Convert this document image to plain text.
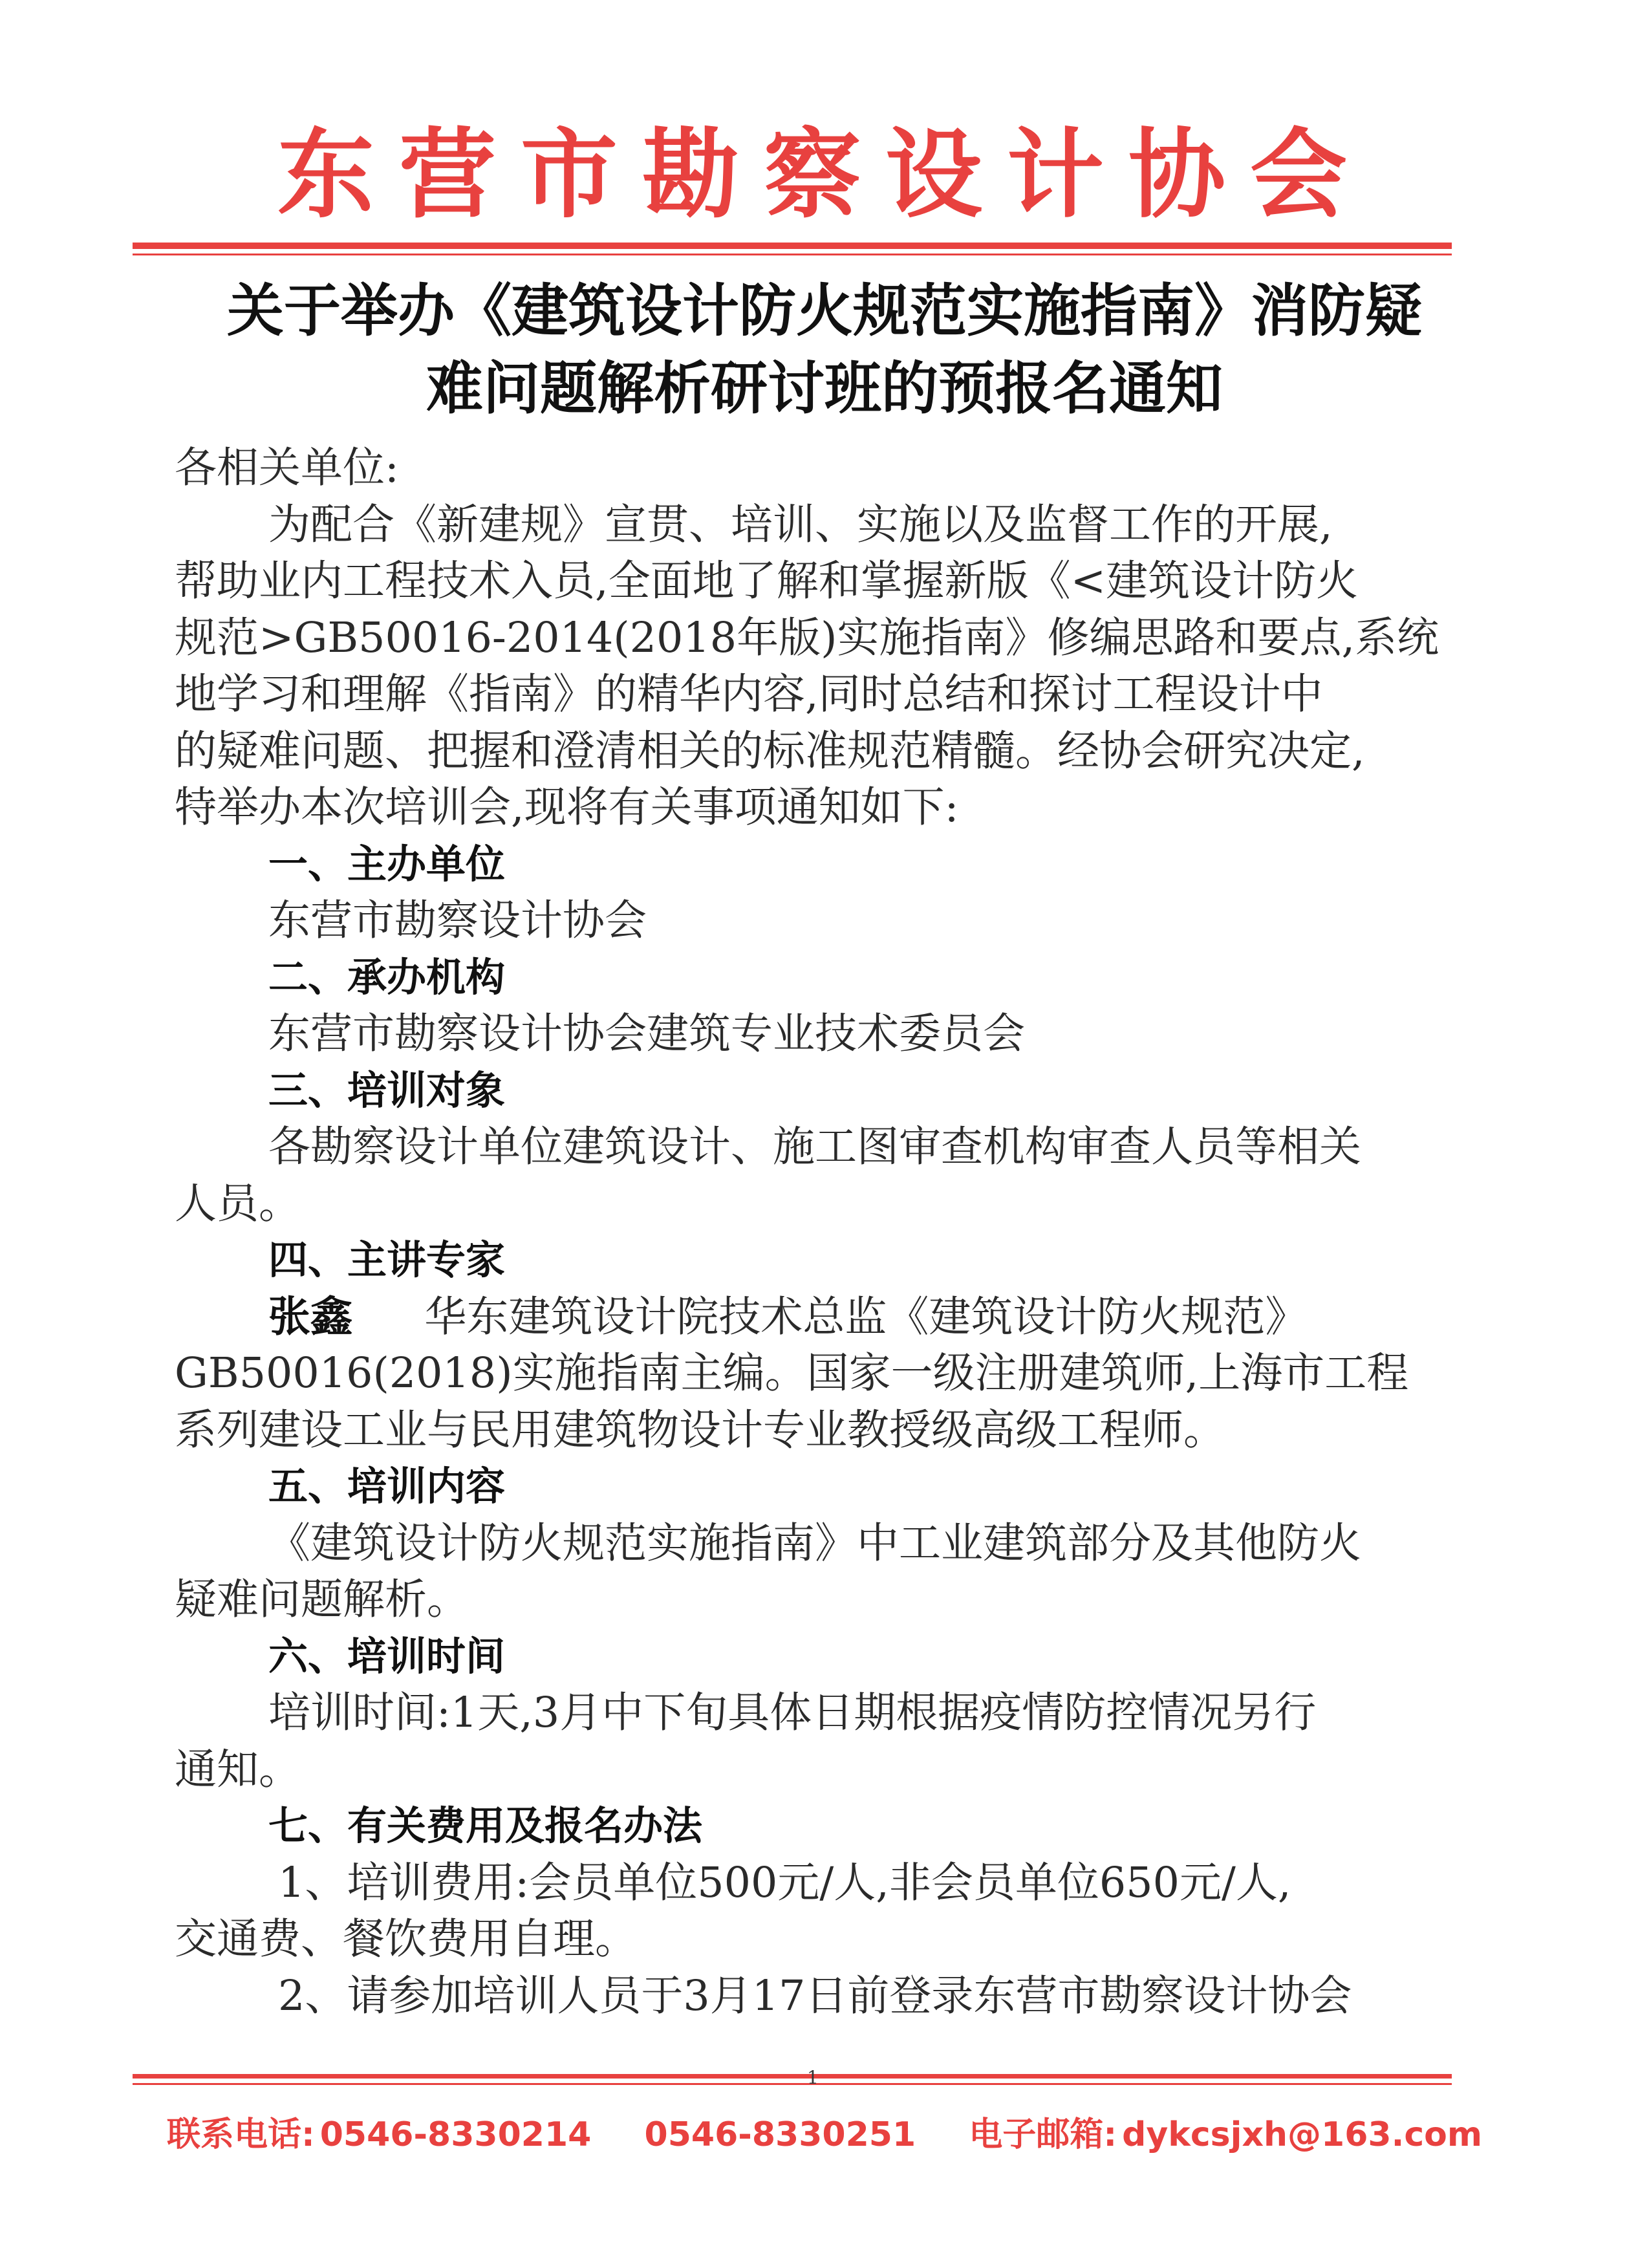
东营市勘察设计协会
关于举办《建筑设计防火规范实施指南》消防疑
难问题解析研讨班的预报名通知
各相关单位:
为配合《新建规》宣贯、培训、实施以及监督工作的开展,
帮助业内工程技术入员,全面地了解和掌握新版《<建筑设计防火
规范>GB50016-2014(2018年版)实施指南》修编思路和要点,系统
地学习和理解《指南》的精华内容,同时总结和探讨工程设计中
的疑难问题、把握和澄清相关的标准规范精髓。经协会研究决定,
特举办本次培训会,现将有关事项通知如下:
一、主办单位
东营市勘察设计协会
二、承办机构
东营市勘察设计协会建筑专业技术委员会
三、培训对象
各勘察设计单位建筑设计、施工图审查机构审查人员等相关
人员。
四、主讲专家
张鑫 华东建筑设计院技术总监《建筑设计防火规范》
GB50016(2018)实施指南主编。国家一级注册建筑师,上海市工程
系列建设工业与民用建筑物设计专业教授级高级工程师。
五、培训内容
《建筑设计防火规范实施指南》中工业建筑部分及其他防火
疑难问题解析。
六、培训时间
培训时间:1天,3月中下旬具体日期根据疫情防控情况另行
通知。
七、有关费用及报名办法
1、培训费用:会员单位500元/人,非会员单位650元/人,
交通费、餐饮费用自理。
2、请参加培训人员于3月17日前登录东营市勘察设计协会
1
联系电话: 0546-8330214 0546-8330251 电子邮箱: dykcsjxh@163.com
